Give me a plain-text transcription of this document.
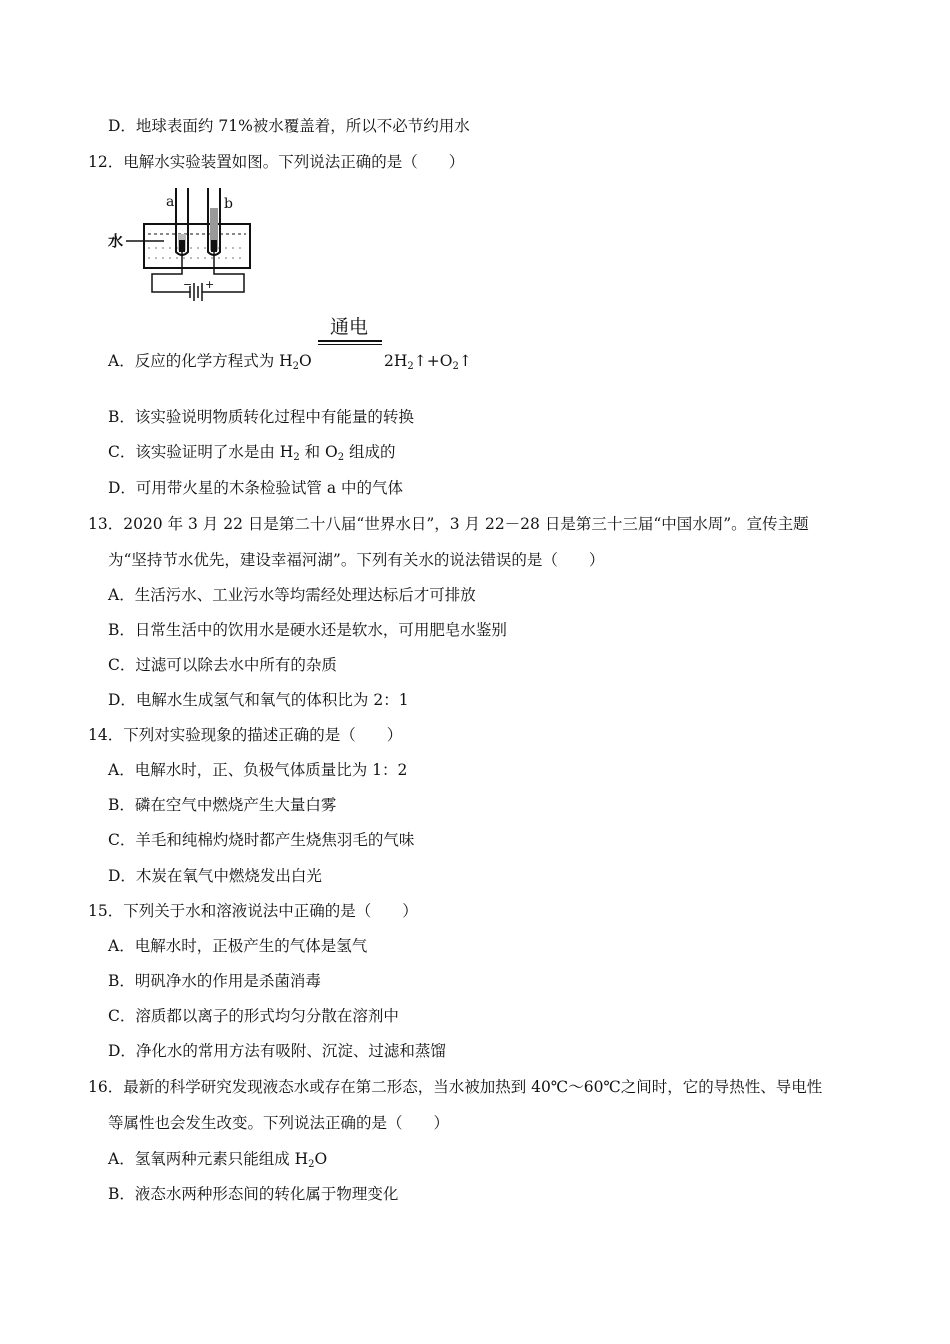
D．地球表面约 71%被水覆盖着，所以不必节约用水
12．电解水实验装置如图。下列说法正确的是（　　）
水
a	b
− +
通电
A．反应的化学方程式为 $H_2O$	$2H_2↑+O_2↑$
B．该实验说明物质转化过程中有能量的转换
C．该实验证明了水是由 $H_2$ 和 $O_2$ 组成的
D．可用带火星的木条检验试管 a 中的气体
13．2020 年 3 月 22 日是第二十八届“世界水日”，3 月 22－28 日是第三十三届“中国水周”。宣传主题
为“坚持节水优先，建设幸福河湖”。下列有关水的说法错误的是（　　）
A．生活污水、工业污水等均需经处理达标后才可排放
B．日常生活中的饮用水是硬水还是软水，可用肥皂水鉴别
C．过滤可以除去水中所有的杂质
D．电解水生成氢气和氧气的体积比为 2：1
14．下列对实验现象的描述正确的是（　　）
A．电解水时，正、负极气体质量比为 1：2
B．磷在空气中燃烧产生大量白雾
C．羊毛和纯棉灼烧时都产生烧焦羽毛的气味
D．木炭在氧气中燃烧发出白光
15．下列关于水和溶液说法中正确的是（　　）
A．电解水时，正极产生的气体是氢气
B．明矾净水的作用是杀菌消毒
C．溶质都以离子的形式均匀分散在溶剂中
D．净化水的常用方法有吸附、沉淀、过滤和蒸馏
16．最新的科学研究发现液态水或存在第二形态，当水被加热到 40℃～60℃之间时，它的导热性、导电性
等属性也会发生改变。下列说法正确的是（　　）
A．氢氧两种元素只能组成 $H_2O$
B．液态水两种形态间的转化属于物理变化
